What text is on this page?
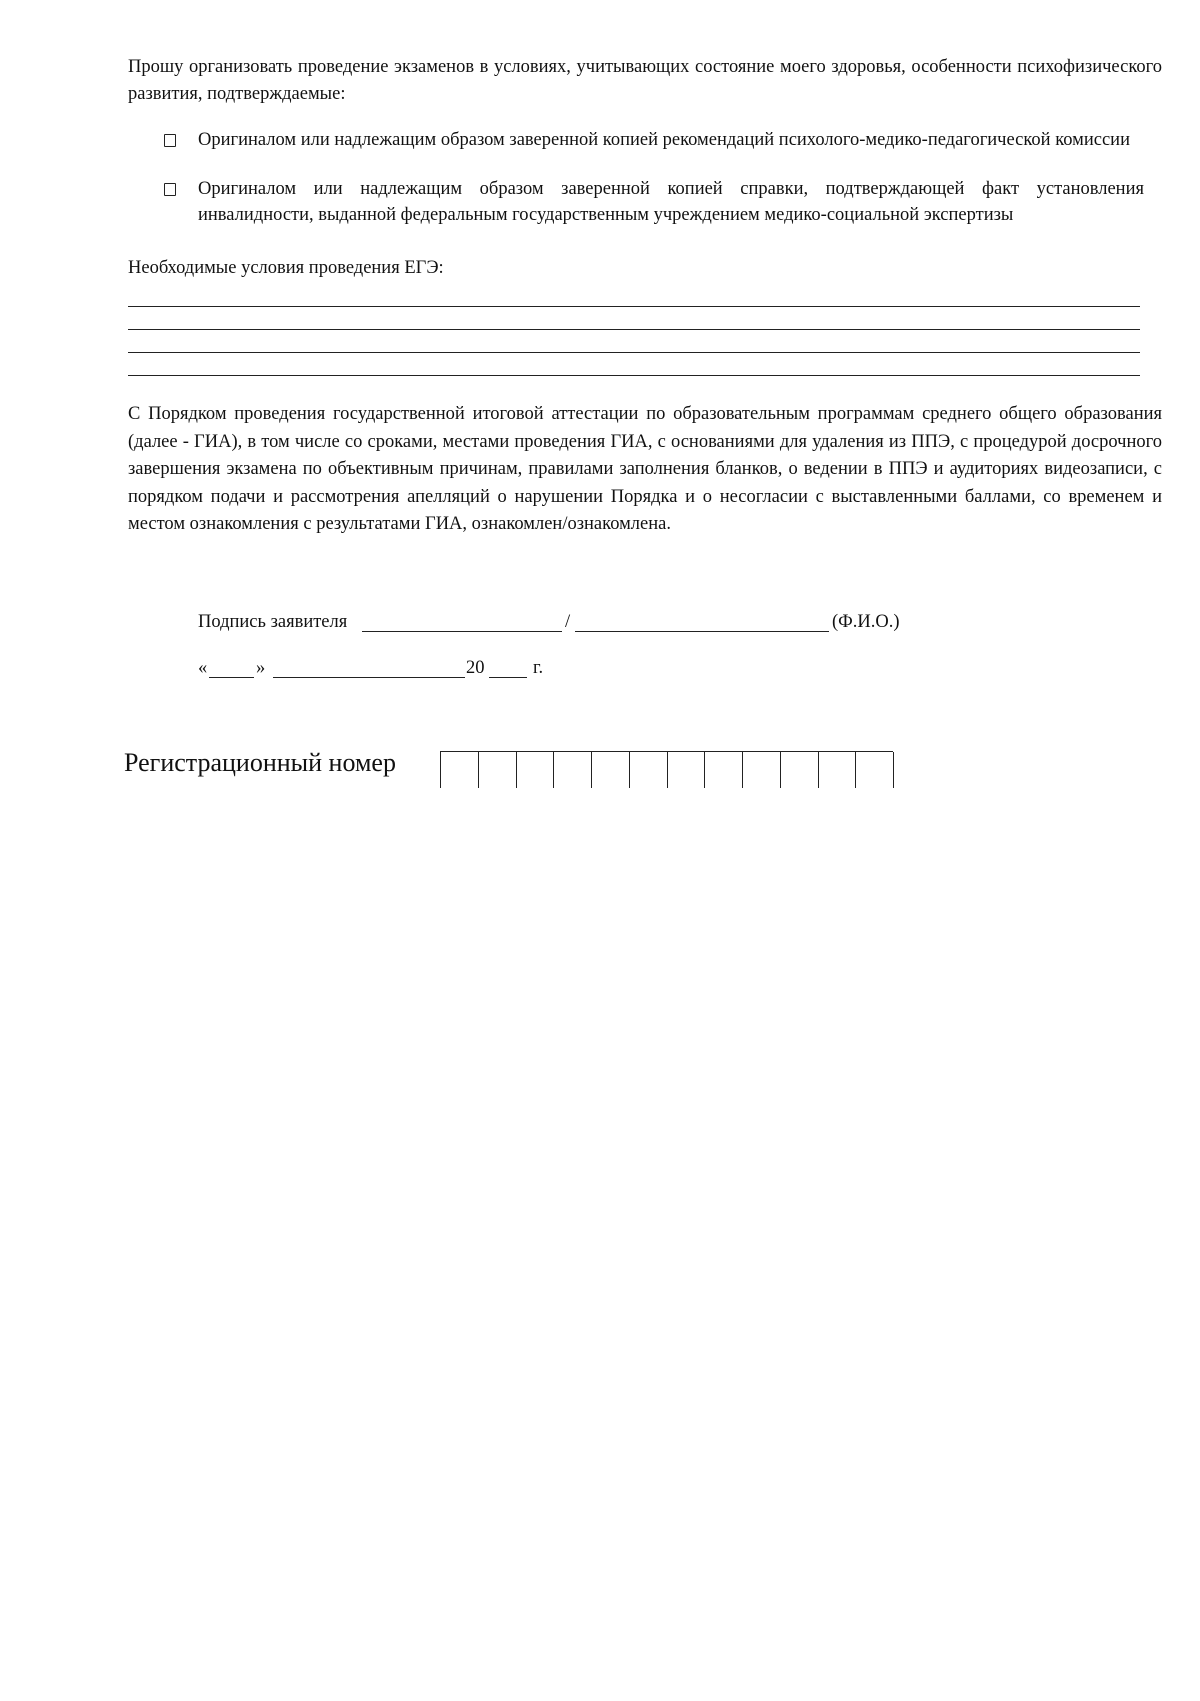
Прошу организовать проведение экзаменов в условиях, учитывающих состояние моего здоровья, особенности психофизического развития, подтверждаемые:
Оригиналом или надлежащим образом заверенной копией рекомендаций психолого-медико-педагогической комиссии
Оригиналом или надлежащим образом заверенной копией справки, подтверждающей факт установления инвалидности, выданной федеральным государственным учреждением медико-социальной экспертизы
Необходимые условия проведения ЕГЭ:
С Порядком проведения государственной итоговой аттестации по образовательным программам среднего общего образования (далее - ГИА), в том числе со сроками, местами проведения ГИА, с основаниями для удаления из ППЭ, с процедурой досрочного завершения экзамена по объективным причинам, правилами заполнения бланков, о ведении в ППЭ и аудиториях видеозаписи, с порядком подачи и рассмотрения апелляций о нарушении Порядка и о несогласии с выставленными баллами, со временем и местом ознакомления с результатами ГИА, ознакомлен/ознакомлена.
Подпись заявителя	/	(Ф.И.О.)
«	»	20	г.
Регистрационный номер
